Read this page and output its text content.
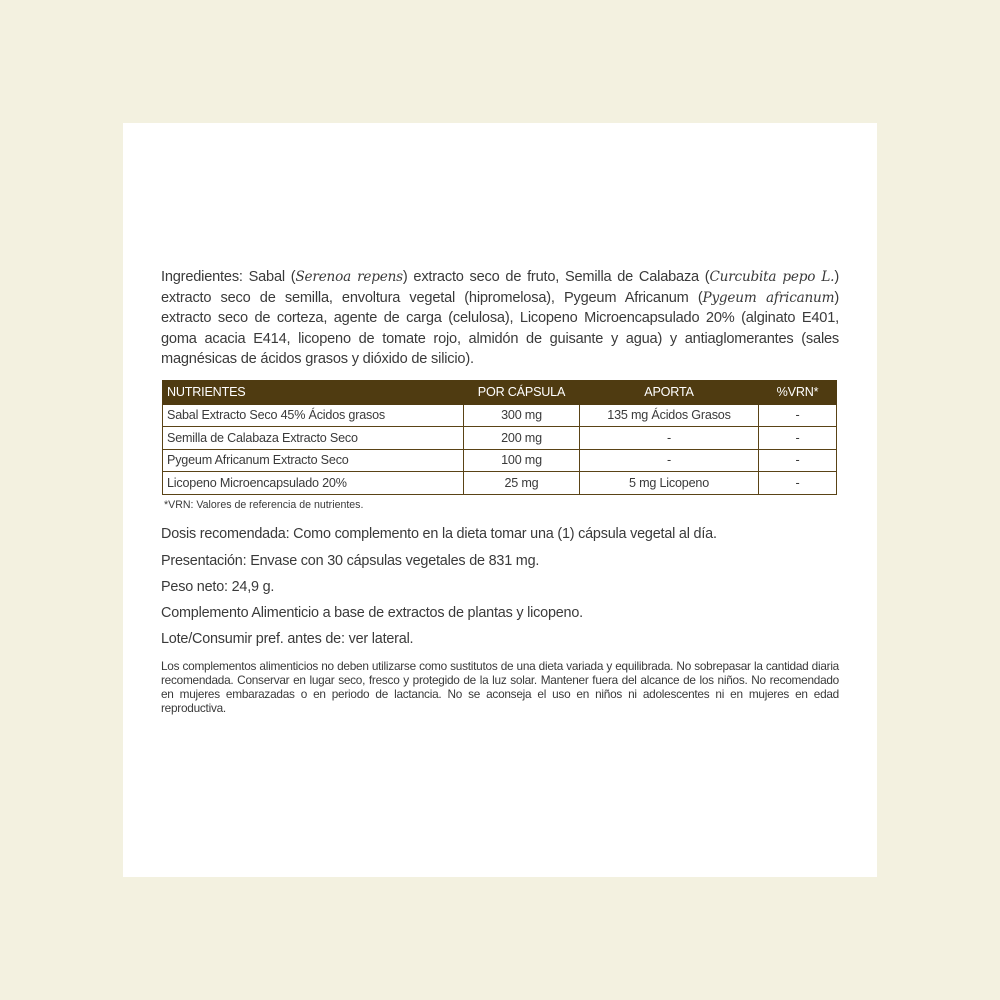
Ingredientes: Sabal (Serenoa repens) extracto seco de fruto, Semilla de Calabaza (Curcubita pepo L.) extracto seco de semilla, envoltura vegetal (hipromelosa), Pygeum Africanum (Pygeum africanum) extracto seco de corteza, agente de carga (celulosa), Licopeno Microencapsulado 20% (alginato E401, goma acacia E414, licopeno de tomate rojo, almidón de guisante y agua) y antiaglomerantes (sales magnésicas de ácidos grasos y dióxido de silicio).

NUTRIENTES	POR CÁPSULA	APORTA	%VRN*
Sabal Extracto Seco 45% Ácidos grasos	300 mg	135 mg Ácidos Grasos	-
Semilla de Calabaza Extracto Seco	200 mg	-	-
Pygeum Africanum Extracto Seco	100 mg	-	-
Licopeno Microencapsulado 20%	25 mg	5 mg Licopeno	-

*VRN: Valores de referencia de nutrientes.

Dosis recomendada: Como complemento en la dieta tomar una (1) cápsula vegetal al día.

Presentación: Envase con 30 cápsulas vegetales de 831 mg.

Peso neto: 24,9 g.

Complemento Alimenticio a base de extractos de plantas y licopeno.

Lote/Consumir pref. antes de: ver lateral.

Los complementos alimenticios no deben utilizarse como sustitutos de una dieta variada y equilibrada. No sobrepasar la cantidad diaria recomendada. Conservar en lugar seco, fresco y protegido de la luz solar. Mantener fuera del alcance de los niños. No recomendado en mujeres embarazadas o en periodo de lactancia. No se aconseja el uso en niños ni adolescentes ni en mujeres en edad reproductiva.
